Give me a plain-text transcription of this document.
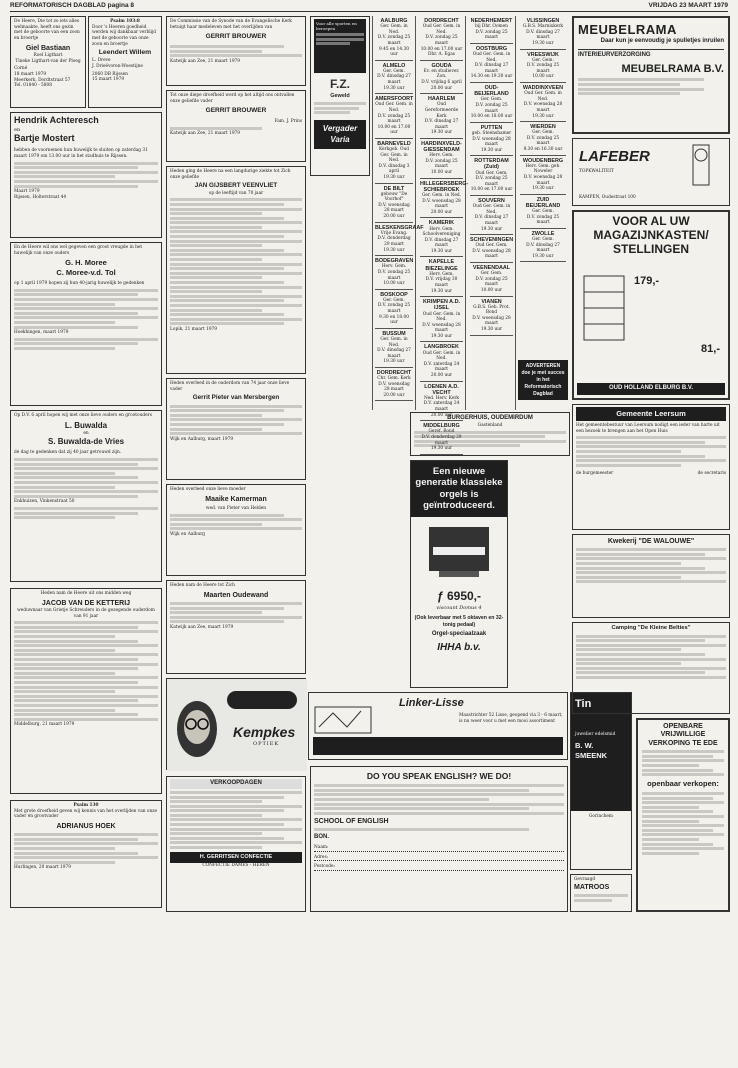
REFORMATORISCH DAGBLAD pagina 8	VRIJDAG 23 MAART 1979
De Heere, Die tot zo iets alles welmaakte, heeft ons gezin met de geboorte van een zoon en broertje
Giel Bastiaan
Roel Ligthart
Tineke Ligthart-van der Ploeg
Corné
18 maart 1979
Meerkerk, Dordtstraat 57
Tel. 01840 - 5808
Psalm 103:8
Door 's Heeren goedheid werden wij dankbaar verblijd met de geboorte van onze zoon en broertje
Leendert Willem
L. Dreve
J. Drieëvoren-Woestijne
2060 DB Rijssen
15 maart 1979
Hendrik Achteresch
en
Bartje Mostert
hebben de voornemen hun huwelijk te sluiten op zaterdag 31 maart 1979 om 13.00 uur in het stadhuis te Rijssen.
Maart 1979
Rijssen, Holterstraat 44
En de Heere wil ons wel gegeven een groot vreugde in het huwelijk van onze ouders
G. H. Moree
C. Moree-v.d. Tol
op 1 april 1979 hopen zij hun 40-jarig huwelijk te gedenken
Hoekhingen, maart 1979
Op D.V. 6 april hopen wij met onze lieve ouders en grootouders
L. Buwalda
en
S. Buwalda-de Vries
de dag te gedenken dat zij 40 jaar getrouwd zijn.
Enkhuizen, Vinkenstraat 50
Heden nam de Heere uit ons midden weg
JACOB VAN DE KETTERIJ
weduwnaar van Grietje Schreuders in de gezegende ouderdom van 91 jaar
Middelburg, 21 maart 1979
Psalm 130
Met grote droefheid geven wij kennis van het overlijden van onze vader en grootvader
ADRIANUS HOEK
Hurlingen, 20 maart 1979
De Commissie van de Synode van de Evangelische Kerk betuigt haar medeleven met het overlijden van
GERRIT BROUWER
Katwijk aan Zee, 21 maart 1979
Tot onze diepe droefheid werd op het altijd ons ontvallen onze geliefde vader
GERRIT BROUWER
Fam. J. Prins
Katwijk aan Zee, 21 maart 1979
Heden ging de Heere na een langdurige ziekte tot Zich onze geliefde
JAN GIJSBERT VEENVLIET
op de leeftijd van 70 jaar
Lopik, 21 maart 1979
Heden overleed in de ouderdom van 74 jaar onze lieve vader
Gerrit Pieter van Mersbergen
Wijk en Aalburg, maart 1979
Heden overleed onze lieve moeder
Maaike Kamerman
wed. van Pieter van Helden
Wijk en Aalburg
Heden nam de Heere tot Zich
Maarten Oudewand
Katwijk aan Zee, maart 1979
Kempkes
OPTIEK
VERKOOPDAGEN
H. GERRITSEN CONFECTIE
CONFECTIE DAMES - HEREN
Voor alle sporten en beroepen
F.Z.
Geweld
Vergader Varia
Linker-Lisse
Maastrichter 52 Lisse, geopend via 3 - 6 maart, is nu weer voor u met een mooi assortiment
Een nieuwe generatie klassieke orgels is geïntroduceerd.
ƒ 6950,-
viscount Domus 4
(Ook leverbaar met 5 oktaven en 32-tonig pedaal)
Orgel-speciaalzaak
IHHA b.v.
BURGERHUIS, OUDEMIRDUM
Gastenland
DO YOU SPEAK ENGLISH? WE DO!
SCHOOL OF ENGLISH
BON.
Naam:
Adres:
Postcode:
Tin
juwelier edelsmid
B. W. SMEENK
Gorinchem
Gevraagd
MATROOS
AALBURG
Ger. Gem. in Ned.
D.V. zondag 25 maart
9.45 en 14.30 uur
ALMELO
Ger. Gem.
D.V. dinsdag 27 maart
19.30 uur
AMERSFOORT
Oud Ger. Gem. in Ned.
D.V. zondag 25 maart
10.00 en 17.00 uur
BARNEVELD
Kerkgeb. Oud Ger. Gem. in Ned.
D.V. dinsdag 3 april
19.30 uur
DE BILT
gebouw "De Voorhof"
D.V. woensdag 28 maart
20.00 uur
BLESKENSGRAAF
Vrije Evang.
D.V. donderdag 29 maart
19.30 uur
BODEGRAVEN
Herv. Gem.
D.V. zondag 25 maart
10.00 uur
BOSKOOP
Ger. Gem.
D.V. zondag 25 maart
9.30 en 18.00 uur
BUSSUM
Ger. Gem. in Ned.
D.V. dinsdag 27 maart
19.30 uur
DORDRECHT
Chr. Gem. Kerk
D.V. woensdag 28 maart
20.00 uur
DORDRECHT
Oud Ger. Gem. in Ned.
D.V. zondag 25 maart
10.00 en 17.00 uur
Dhr. A. Egas
GOUDA
Ev. en studiever. Zon.
D.V. vrijdag 6 april
20.00 uur
HAARLEM
Oud Gereformeerde Kerk
D.V. dinsdag 27 maart
19.30 uur
HARDINXVELD-GIESSENDAM
Herv. Gem.
D.V. zondag 25 maart
10.00 uur
HILLEGERSBERG-SCHIEBROEK
Ger. Gem. in Ned.
D.V. woensdag 28 maart
20.00 uur
KAMERIK
Herv. Gem. Schoolvereniging
D.V. dinsdag 27 maart
19.30 uur
KAPELLE BIEZELINGE
Herv. Gem.
D.V. vrijdag 30 maart
19.30 uur
KRIMPEN A.D. IJSEL
Oud Ger. Gem. in Ned.
D.V. woensdag 28 maart
19.30 uur
LANGBROEK
Oud Ger. Gem. in Ned.
D.V. zaterdag 24 maart
20.00 uur
LOENEN A.D. VECHT
Ned. Herv. Kerk
D.V. zaterdag 24 maart
20.00 uur
MIDDELBURG
Geref. Bond
D.V. donderdag 29 maart
19.30 uur
NEDERHEMERT
bij Dhr. Oomen
D.V. zondag 25 maart
OOSTBURG
Oud Ger. Gem. in Ned.
D.V. dinsdag 27 maart
14.30 en 19.30 uur
OUD-BEIJERLAND
Ger. Gem.
D.V. zondag 25 maart
10.00 en 18.00 uur
PUTTEN
geb. Steenshamer
D.V. woensdag 28 maart
19.30 uur
ROTTERDAM (Zuid)
Oud Ger. Gem.
D.V. zondag 25 maart
10.00 en 17.00 uur
SOUVERN
Oud Ger. Gem. in Ned.
D.V. dinsdag 27 maart
19.30 uur
SCHEVENINGEN
Oud Ger. Gem.
D.V. woensdag 28 maart
VEENENDAAL
Ger. Gem.
D.V. zondag 25 maart
10.00 uur
VIANEN
G.B.S. Geb. Prot. Bond
D.V. woensdag 28 maart
19.30 uur
VLISSINGEN
G.B.S. Marnixkerk
D.V. dinsdag 27 maart
19.30 uur
VREESWIJK
Ger. Gem.
D.V. zondag 25 maart
10.00 uur
WADDINXVEEN
Oud Ger. Gem. in Ned.
D.V. woensdag 28 maart
19.30 uur
WIERDEN
Ger. Gem.
D.V. zondag 25 maart
9.30 en 16.30 uur
WOUDENBERG
Herv. Gem. geb. Noweler
D.V. woensdag 28 maart
19.30 uur
ZUID BEIJERLAND
Ger. Gem.
D.V. zondag 25 maart
ZWOLLE
Ger. Gem.
D.V. dinsdag 27 maart
19.30 uur
ADVERTEREN doe je met succes in het Reformatorisch Dagblad
MEUBELRAMA
Daar kun je eenvoudig je spulletjes inruilen
INTERIEURVERZORGING
MEUBELRAMA B.V.
LAFEBER
TOPKWALITEIT
KAMPEN, Oudestraat 100
VOOR AL UW MAGAZIJNKASTEN/ STELLINGEN
179,-
81,-
OUD HOLLAND ELBURG B.V.
Gemeente Leersum
Het gemeentebestuur van Leersum nodigt een ieder van harte uit een bezoek te brengen aan het Open Huis
de burgemeester	de secretaris
Kwekerij "DE WALOUWE"
Camping "De Kleine Belties"
OPENBARE VRIJWILLIGE VERKOPING TE EDE
openbaar verkopen:
